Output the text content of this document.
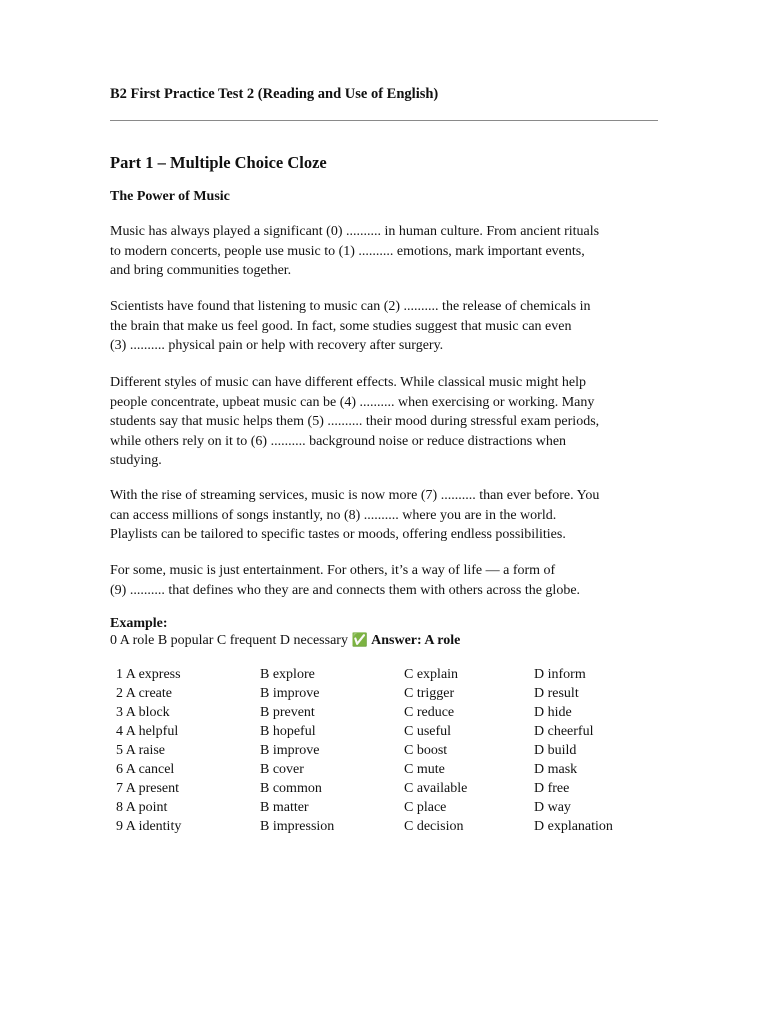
B2 First Practice Test 2 (Reading and Use of English)
Part 1 – Multiple Choice Cloze
The Power of Music
Music has always played a significant (0) .......... in human culture. From ancient rituals
to modern concerts, people use music to (1) .......... emotions, mark important events,
and bring communities together.
Scientists have found that listening to music can (2) .......... the release of chemicals in
the brain that make us feel good. In fact, some studies suggest that music can even
(3) .......... physical pain or help with recovery after surgery.
Different styles of music can have different effects. While classical music might help
people concentrate, upbeat music can be (4) .......... when exercising or working. Many
students say that music helps them (5) .......... their mood during stressful exam periods,
while others rely on it to (6) .......... background noise or reduce distractions when
studying.
With the rise of streaming services, music is now more (7) .......... than ever before. You
can access millions of songs instantly, no (8) .......... where you are in the world.
Playlists can be tailored to specific tastes or moods, offering endless possibilities.
For some, music is just entertainment. For others, it’s a way of life — a form of
(9) .......... that defines who they are and connects them with others across the globe.
Example:
0 A role B popular C frequent D necessary ✅ Answer: A role
1 A express	B explore	C explain	D inform
2 A create	B improve	C trigger	D result
3 A block	B prevent	C reduce	D hide
4 A helpful	B hopeful	C useful	D cheerful
5 A raise	B improve	C boost	D build
6 A cancel	B cover	C mute	D mask
7 A present	B common	C available	D free
8 A point	B matter	C place	D way
9 A identity	B impression	C decision	D explanation
